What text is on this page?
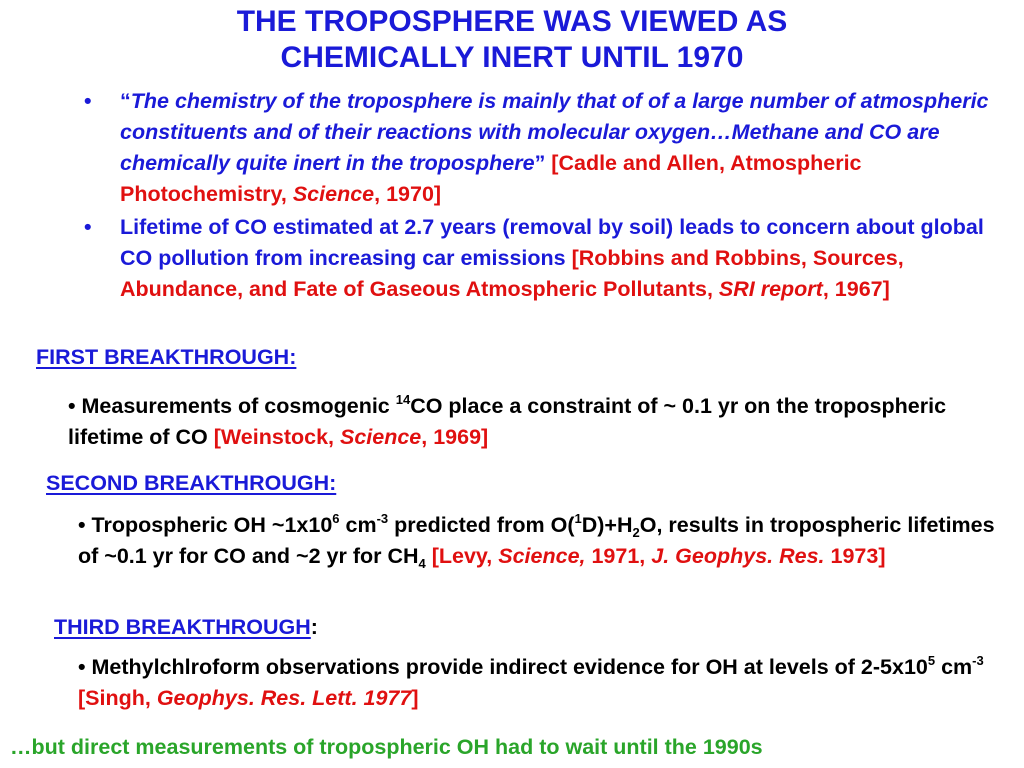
THE TROPOSPHERE WAS VIEWED AS
CHEMICALLY INERT UNTIL 1970
• “The chemistry of the troposphere is mainly that of of a large number of atmospheric constituents and of their reactions with molecular oxygen…Methane and CO are chemically quite inert in the troposphere” [Cadle and Allen, Atmospheric Photochemistry, Science, 1970]
• Lifetime of CO estimated at 2.7 years (removal by soil) leads to concern about global CO pollution from increasing car emissions [Robbins and Robbins, Sources, Abundance, and Fate of Gaseous Atmospheric Pollutants, SRI report, 1967]
FIRST BREAKTHROUGH:
• Measurements of cosmogenic $^{14}$CO place a constraint of ~ 0.1 yr on the tropospheric lifetime of CO [Weinstock, Science, 1969]
SECOND BREAKTHROUGH:
• Tropospheric OH $\sim 1x10^6$ $cm^{-3}$ predicted from $O(^1D)+H_2O$, results in tropospheric lifetimes of ~0.1 yr for CO and ~2 yr for $CH_4$ [Levy, Science, 1971, J. Geophys. Res. 1973]
THIRD BREAKTHROUGH:
• Methylchlroform observations provide indirect evidence for OH at levels of $2-5x10^5$ $cm^{-3}$ [Singh, Geophys. Res. Lett. 1977]
…but direct measurements of tropospheric OH had to wait until the 1990s
